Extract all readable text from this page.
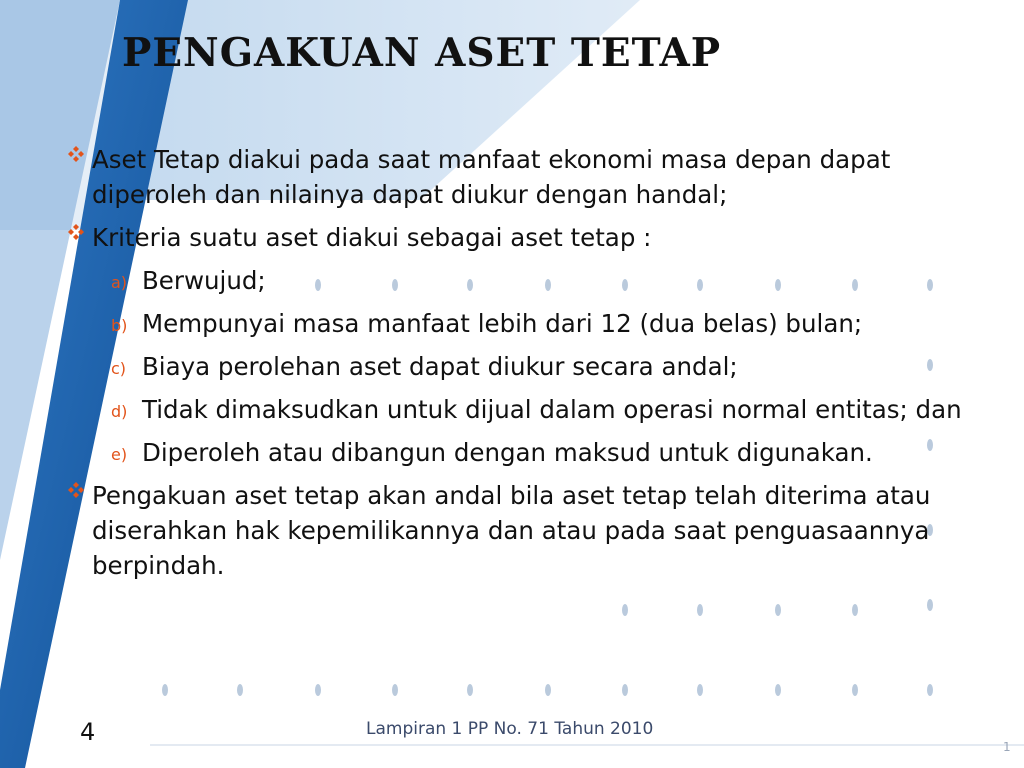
PENGAKUAN ASET TETAP
Aset Tetap diakui pada saat manfaat ekonomi masa depan dapat diperoleh dan nilainya dapat diukur dengan handal;
Kriteria suatu aset diakui sebagai aset tetap :
a) Berwujud;
b) Mempunyai masa manfaat lebih dari 12 (dua belas) bulan;
c) Biaya perolehan aset dapat diukur secara andal;
d) Tidak dimaksudkan untuk dijual dalam operasi normal entitas; dan
e) Diperoleh atau dibangun dengan maksud untuk digunakan.
Pengakuan aset tetap akan andal bila aset tetap telah diterima atau diserahkan hak kepemilikannya dan atau pada saat penguasaannya berpindah.
4	Lampiran 1 PP No. 71 Tahun 2010
1
